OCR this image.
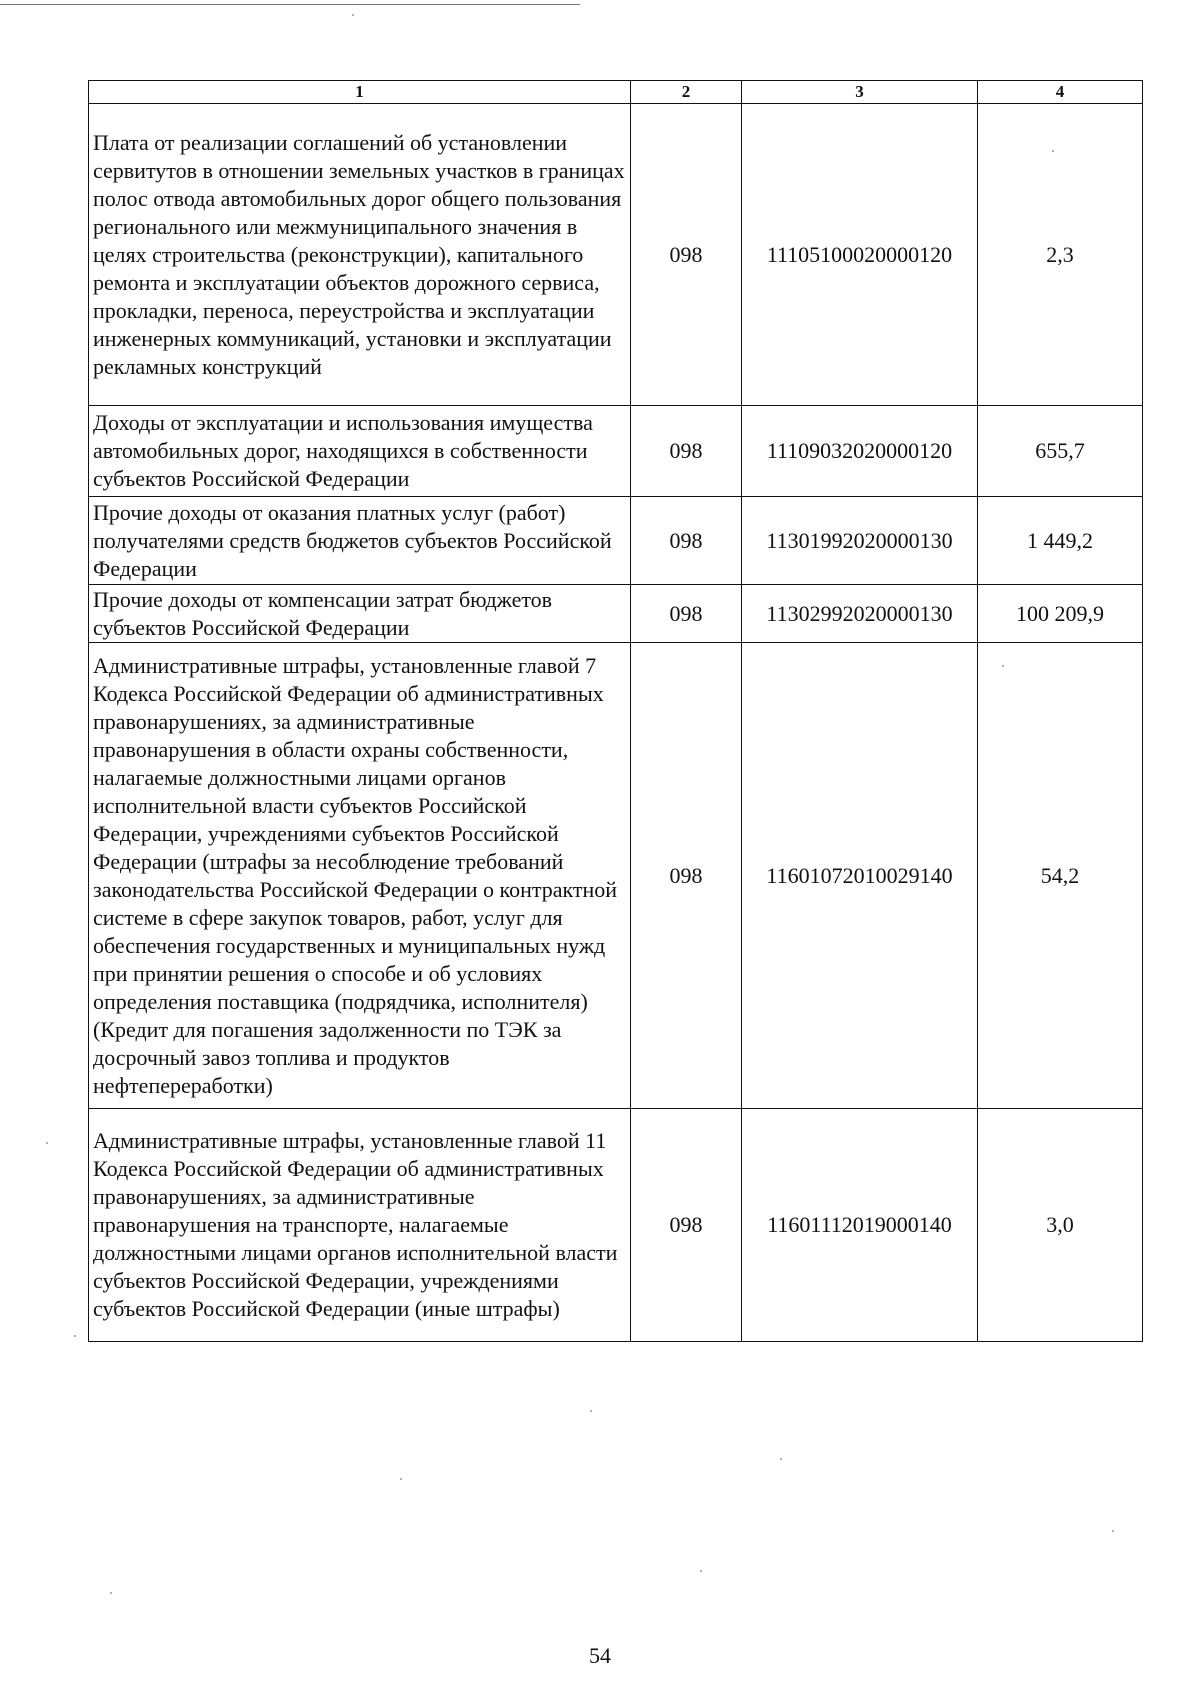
1	2	3	4
Плата от реализации соглашений об установлении сервитутов в отношении земельных участков в границах полос отвода автомобильных дорог общего пользования регионального или межмуниципального значения в целях строительства (реконструкции), капитального ремонта и эксплуатации объектов дорожного сервиса, прокладки, переноса, переустройства и эксплуатации инженерных коммуникаций, установки и эксплуатации рекламных конструкций	098	11105100020000120	2,3
Доходы от эксплуатации и использования имущества автомобильных дорог, находящихся в собственности субъектов Российской Федерации	098	11109032020000120	655,7
Прочие доходы от оказания платных услуг (работ) получателями средств бюджетов субъектов Российской Федерации	098	11301992020000130	1 449,2
Прочие доходы от компенсации затрат бюджетов субъектов Российской Федерации	098	11302992020000130	100 209,9
Административные штрафы, установленные главой 7 Кодекса Российской Федерации об административных правонарушениях, за административные правонарушения в области охраны собственности, налагаемые должностными лицами органов исполнительной власти субъектов Российской Федерации, учреждениями субъектов Российской Федерации (штрафы за несоблюдение требований законодательства Российской Федерации о контрактной системе в сфере закупок товаров, работ, услуг для обеспечения государственных и муниципальных нужд при принятии решения о способе и об условиях определения поставщика (подрядчика, исполнителя) (Кредит для погашения задолженности по ТЭК за досрочный завоз топлива и продуктов нефтепереработки)	098	11601072010029140	54,2
Административные штрафы, установленные главой 11 Кодекса Российской Федерации об административных правонарушениях, за административные правонарушения на транспорте, налагаемые должностными лицами органов исполнительной власти субъектов Российской Федерации, учреждениями субъектов Российской Федерации (иные штрафы)	098	11601112019000140	3,0
54
